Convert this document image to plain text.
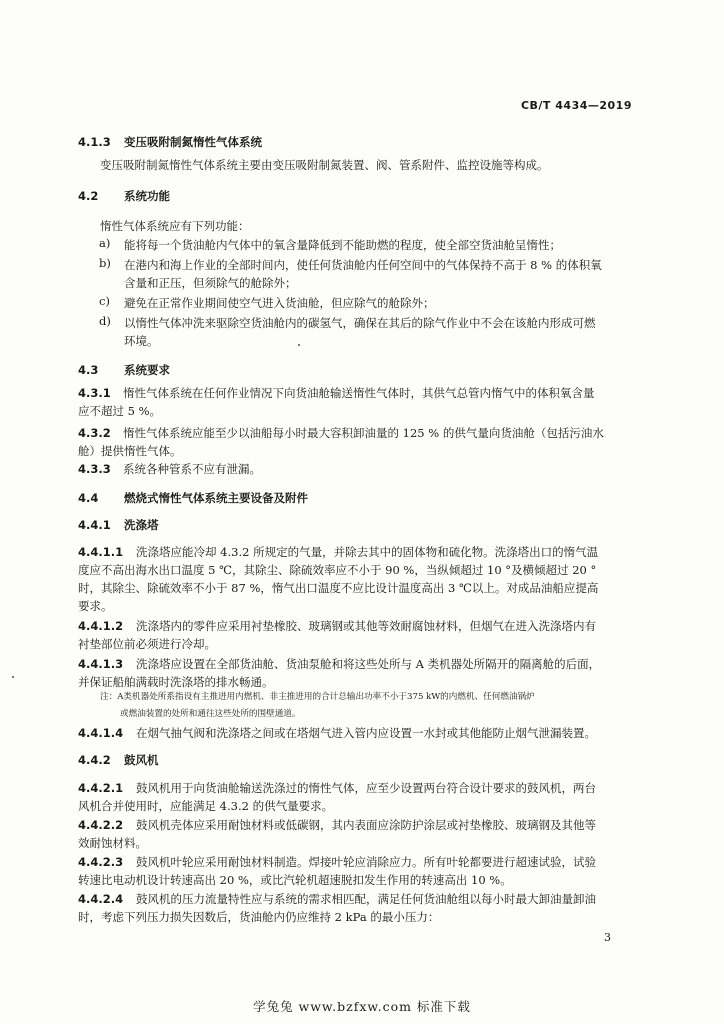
CB/T 4434—2019
4.1.3 变压吸附制氮惰性气体系统
变压吸附制氮惰性气体系统主要由变压吸附制氮装置、阀、管系附件、监控设施等构成。
4.2 系统功能
惰性气体系统应有下列功能：
a) 能将每一个货油舱内气体中的氧含量降低到不能助燃的程度，使全部空货油舱呈惰性；
b) 在港内和海上作业的全部时间内，使任何货油舱内任何空间中的气体保持不高于 8 % 的体积氧
含量和正压，但须除气的舱除外；
c) 避免在正常作业期间使空气进入货油舱，但应除气的舱除外；
d) 以惰性气体冲洗来驱除空货油舱内的碳氢气，确保在其后的除气作业中不会在该舱内形成可燃
环境。
4.3 系统要求
4.3.1 惰性气体系统在任何作业情况下向货油舱输送惰性气体时，其供气总管内惰气中的体积氧含量
应不超过 5 %。
4.3.2 惰性气体系统应能至少以油船每小时最大容积卸油量的 125 % 的供气量向货油舱（包括污油水
舱）提供惰性气体。
4.3.3 系统各种管系不应有泄漏。
4.4 燃烧式惰性气体系统主要设备及附件
4.4.1 洗涤塔
4.4.1.1 洗涤塔应能冷却 4.3.2 所规定的气量，并除去其中的固体物和硫化物。洗涤塔出口的惰气温
度应不高出海水出口温度 5 ℃，其除尘、除硫效率应不小于 90 %，当纵倾超过 10 °及横倾超过 20 °
时，其除尘、除硫效率不小于 87 %，惰气出口温度不应比设计温度高出 3 ℃以上。对成品油船应提高
要求。
4.4.1.2 洗涤塔内的零件应采用衬垫橡胶、玻璃钢或其他等效耐腐蚀材料，但烟气在进入洗涤塔内有
衬垫部位前必须进行冷却。
4.4.1.3 洗涤塔应设置在全部货油舱、货油泵舱和将这些处所与 A 类机器处所隔开的隔离舱的后面，
并保证船舶满载时洗涤塔的排水畅通。
注：A类机器处所系指设有主推进用内燃机、非主推进用的合计总输出功率不小于375 kW的内燃机、任何燃油锅炉
或燃油装置的处所和通往这些处所的围壁通道。
4.4.1.4 在烟气抽气阀和洗涤塔之间或在塔烟气进入管内应设置一水封或其他能防止烟气泄漏装置。
4.4.2 鼓风机
4.4.2.1 鼓风机用于向货油舱输送洗涤过的惰性气体，应至少设置两台符合设计要求的鼓风机，两台
风机合并使用时，应能满足 4.3.2 的供气量要求。
4.4.2.2 鼓风机壳体应采用耐蚀材料或低碳钢，其内表面应涂防护涂层或衬垫橡胶、玻璃钢及其他等
效耐蚀材料。
4.4.2.3 鼓风机叶轮应采用耐蚀材料制造。焊接叶轮应消除应力。所有叶轮都要进行超速试验，试验
转速比电动机设计转速高出 20 %，或比汽轮机超速脱扣发生作用的转速高出 10 %。
4.4.2.4 鼓风机的压力流量特性应与系统的需求相匹配，满足任何货油舱组以每小时最大卸油量卸油
时，考虑下列压力损失因数后，货油舱内仍应维持 2 kPa 的最小压力：
3
学兔兔 www.bzfxw.com 标准下载
